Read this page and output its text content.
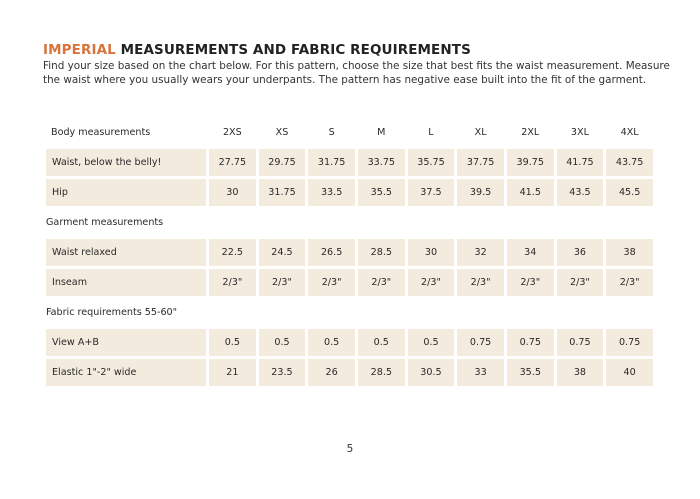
IMPERIAL MEASUREMENTS AND FABRIC REQUIREMENTS

Find your size based on the chart below. For this pattern, choose the size that best fits the waist measurement. Measure the waist where you usually wears your underpants. The pattern has negative ease built into the fit of the garment.

Body measurements	2XS	XS	S	M	L	XL	2XL	3XL	4XL
Waist, below the belly!	27.75	29.75	31.75	33.75	35.75	37.75	39.75	41.75	43.75
Hip	30	31.75	33.5	35.5	37.5	39.5	41.5	43.5	45.5
Garment measurements									
Waist relaxed	22.5	24.5	26.5	28.5	30	32	34	36	38
Inseam	2/3"	2/3"	2/3"	2/3"	2/3"	2/3"	2/3"	2/3"	2/3"
Fabric requirements 55-60"									
View A+B	0.5	0.5	0.5	0.5	0.5	0.75	0.75	0.75	0.75
Elastic 1"-2" wide	21	23.5	26	28.5	30.5	33	35.5	38	40
5
